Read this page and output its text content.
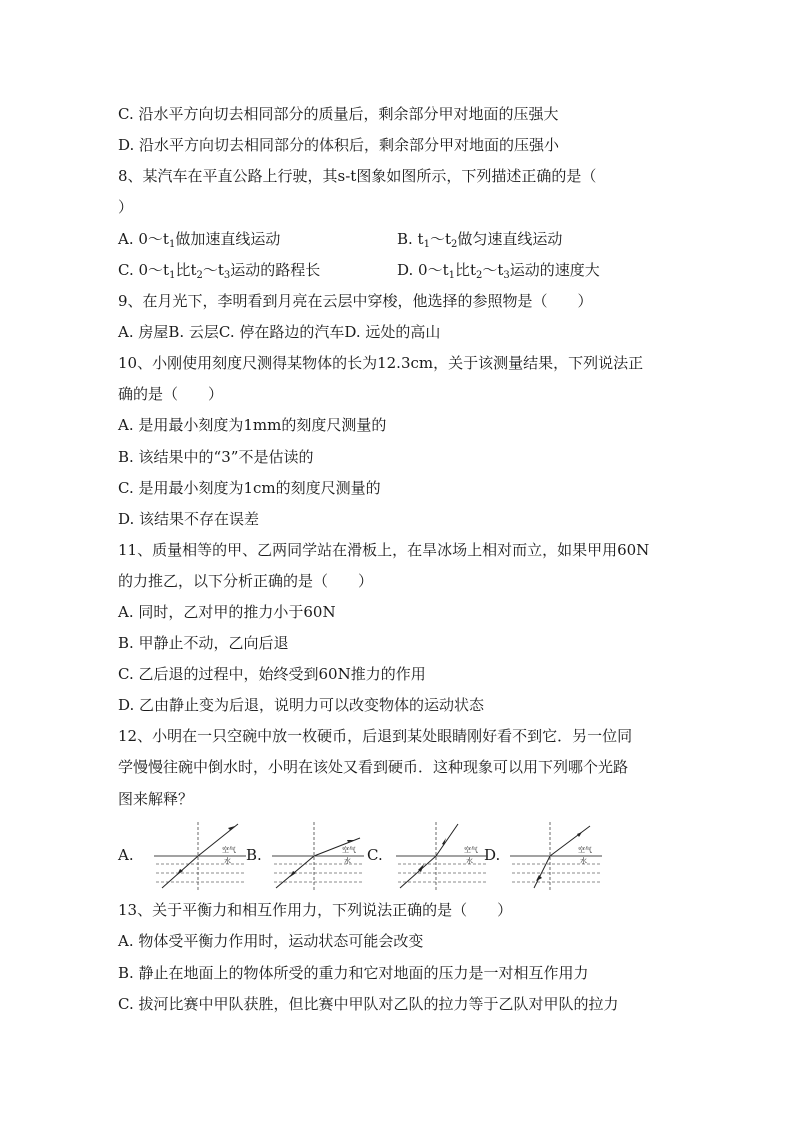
C. 沿水平方向切去相同部分的质量后，剩余部分甲对地面的压强大
D. 沿水平方向切去相同部分的体积后，剩余部分甲对地面的压强小
8、某汽车在平直公路上行驶，其s-t图象如图所示，下列描述正确的是（
）
A. $0\sim t_1$做加速直线运动	B. $t_1\sim t_2$做匀速直线运动
C. $0\sim t_1$比$t_2\sim t_3$运动的路程长	D. $0\sim t_1$比$t_2\sim t_3$运动的速度大
9、在月光下，李明看到月亮在云层中穿梭，他选择的参照物是（　　）
A. 房屋B. 云层C. 停在路边的汽车D. 远处的高山
10、小刚使用刻度尺测得某物体的长为12.3cm，关于该测量结果，下列说法正
确的是（　　）
A. 是用最小刻度为1mm的刻度尺测量的
B. 该结果中的“3”不是估读的
C. 是用最小刻度为1cm的刻度尺测量的
D. 该结果不存在误差
11、质量相等的甲、乙两同学站在滑板上，在旱冰场上相对而立，如果甲用60N
的力推乙，以下分析正确的是（　　）
A. 同时，乙对甲的推力小于60N
B. 甲静止不动，乙向后退
C. 乙后退的过程中，始终受到60N推力的作用
D. 乙由静止变为后退，说明力可以改变物体的运动状态
12、小明在一只空碗中放一枚硬币，后退到某处眼睛刚好看不到它．另一位同
学慢慢往碗中倒水时，小明在该处又看到硬币．这种现象可以用下列哪个光路
图来解释？
A.	B.	C.	D.
空气
水
空气
水
空气
水
空气
水
13、关于平衡力和相互作用力，下列说法正确的是（　　）
A. 物体受平衡力作用时，运动状态可能会改变
B. 静止在地面上的物体所受的重力和它对地面的压力是一对相互作用力
C. 拔河比赛中甲队获胜，但比赛中甲队对乙队的拉力等于乙队对甲队的拉力
